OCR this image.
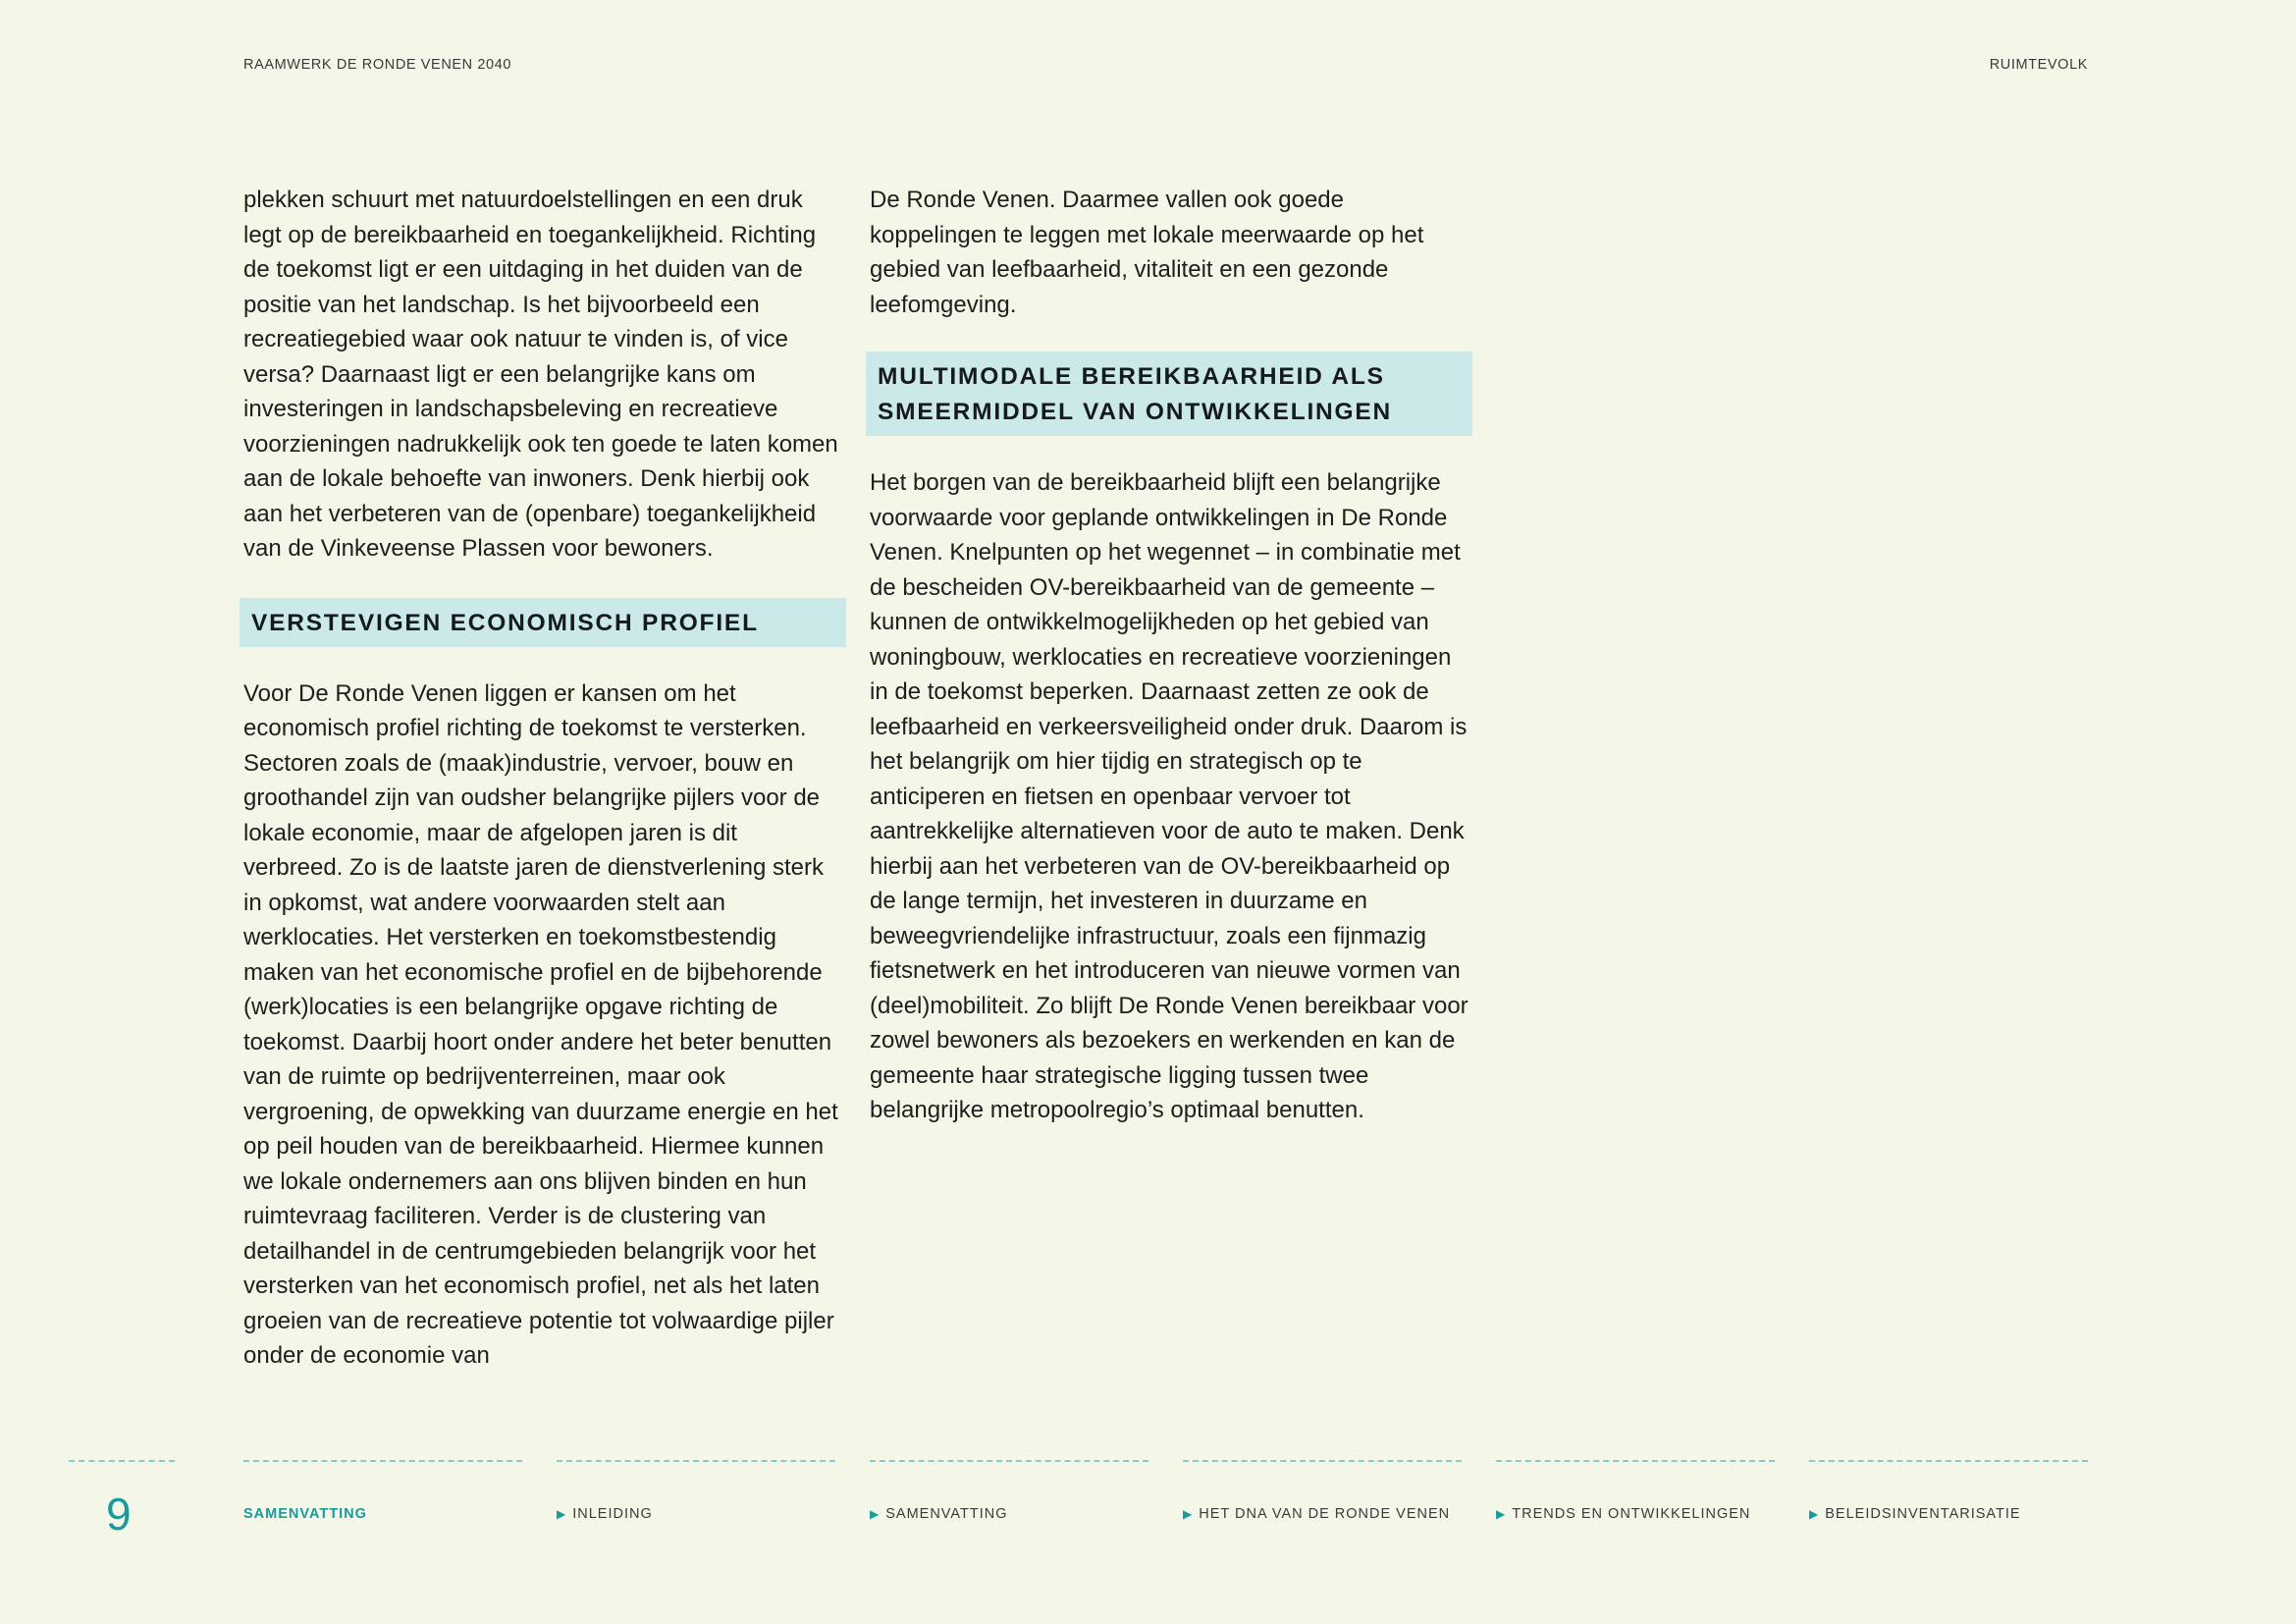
RAAMWERK DE RONDE VENEN 2040	RUIMTEVOLK

plekken schuurt met natuurdoelstellingen en een druk legt op de bereikbaarheid en toegankelijkheid. Richting de toekomst ligt er een uitdaging in het duiden van de positie van het landschap. Is het bijvoorbeeld een recreatiegebied waar ook natuur te vinden is, of vice versa? Daarnaast ligt er een belangrijke kans om investeringen in landschapsbeleving en recreatieve voorzieningen nadrukkelijk ook ten goede te laten komen aan de lokale behoefte van inwoners. Denk hierbij ook aan het verbeteren van de (openbare) toegankelijkheid van de Vinkeveense Plassen voor bewoners.

VERSTEVIGEN ECONOMISCH PROFIEL

Voor De Ronde Venen liggen er kansen om het economisch profiel richting de toekomst te versterken. Sectoren zoals de (maak)industrie, vervoer, bouw en groothandel zijn van oudsher belangrijke pijlers voor de lokale economie, maar de afgelopen jaren is dit verbreed. Zo is de laatste jaren de dienstverlening sterk in opkomst, wat andere voorwaarden stelt aan werklocaties. Het versterken en toekomstbestendig maken van het economische profiel en de bijbehorende (werk)locaties is een belangrijke opgave richting de toekomst. Daarbij hoort onder andere het beter benutten van de ruimte op bedrijventerreinen, maar ook vergroening, de opwekking van duurzame energie en het op peil houden van de bereikbaarheid. Hiermee kunnen we lokale ondernemers aan ons blijven binden en hun ruimtevraag faciliteren. Verder is de clustering van detailhandel in de centrumgebieden belangrijk voor het versterken van het economisch profiel, net als het laten groeien van de recreatieve potentie tot volwaardige pijler onder de economie van

De Ronde Venen. Daarmee vallen ook goede koppelingen te leggen met lokale meerwaarde op het gebied van leefbaarheid, vitaliteit en een gezonde leefomgeving.

MULTIMODALE BEREIKBAARHEID ALS SMEERMIDDEL VAN ONTWIKKELINGEN

Het borgen van de bereikbaarheid blijft een belangrijke voorwaarde voor geplande ontwikkelingen in De Ronde Venen. Knelpunten op het wegennet – in combinatie met de bescheiden OV-bereikbaarheid van de gemeente – kunnen de ontwikkelmogelijkheden op het gebied van woningbouw, werklocaties en recreatieve voorzieningen in de toekomst beperken. Daarnaast zetten ze ook de leefbaarheid en verkeersveiligheid onder druk. Daarom is het belangrijk om hier tijdig en strategisch op te anticiperen en fietsen en openbaar vervoer tot aantrekkelijke alternatieven voor de auto te maken. Denk hierbij aan het verbeteren van de OV-bereikbaarheid op de lange termijn, het investeren in duurzame en beweegvriendelijke infrastructuur, zoals een fijnmazig fietsnetwerk en het introduceren van nieuwe vormen van (deel)mobiliteit. Zo blijft De Ronde Venen bereikbaar voor zowel bewoners als bezoekers en werkenden en kan de gemeente haar strategische ligging tussen twee belangrijke metropoolregio’s optimaal benutten.

9	SAMENVATTING	▶ INLEIDING	▶ SAMENVATTING	▶ HET DNA VAN DE RONDE VENEN	▶ TRENDS EN ONTWIKKELINGEN	▶ BELEIDSINVENTARISATIE
